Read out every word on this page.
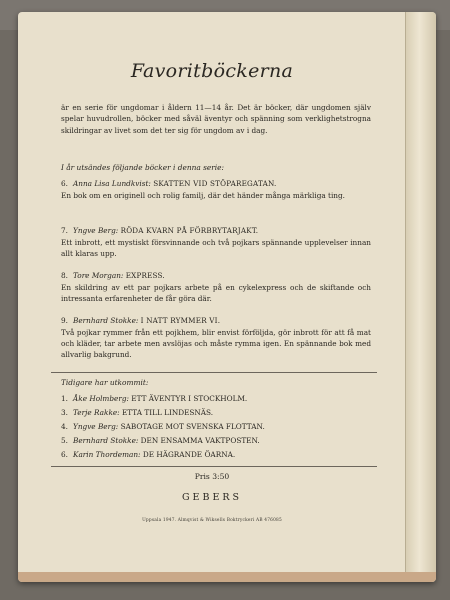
Favoritböckerna
är en serie för ungdomar i åldern 11—14 år. Det är böcker, där ungdomen själv spelar huvudrollen, böcker med såväl äventyr och spänning som verklighetstrogna skildringar av livet som det ter sig för ungdom av i dag.
I år utsändes följande böcker i denna serie:
6. Anna Lisa Lundkvist: SKATTEN VID STÖPAREGATAN.
En bok om en originell och rolig familj, där det händer många märkliga ting.
7. Yngve Berg: RÖDA KVARN PÅ FÖRBRYTARJAKT.
Ett inbrott, ett mystiskt försvinnande och två pojkars spännande upplevelser innan allt klaras upp.
8. Tore Morgan: EXPRESS.
En skildring av ett par pojkars arbete på en cykelexpress och de skiftande och intressanta erfarenheter de får göra där.
9. Bernhard Stokke: I NATT RYMMER VI.
Två pojkar rymmer från ett pojkhem, blir envist förföljda, gör inbrott för att få mat och kläder, tar arbete men avslöjas och måste rymma igen. En spännande bok med allvarlig bakgrund.
Tidigare har utkommit:
1. Åke Holmberg: ETT ÄVENTYR I STOCKHOLM.
3. Terje Rakke: ETTA TILL LINDESNÄS.
4. Yngve Berg: SABOTAGE MOT SVENSKA FLOTTAN.
5. Bernhard Stokke: DEN ENSAMMA VAKTPOSTEN.
6. Karin Thordeman: DE HÄGRANDE ÖARNA.
Pris 3:50
GEBERS
Uppsala 1947. Almqvist & Wiksells Boktryckeri AB 476085
